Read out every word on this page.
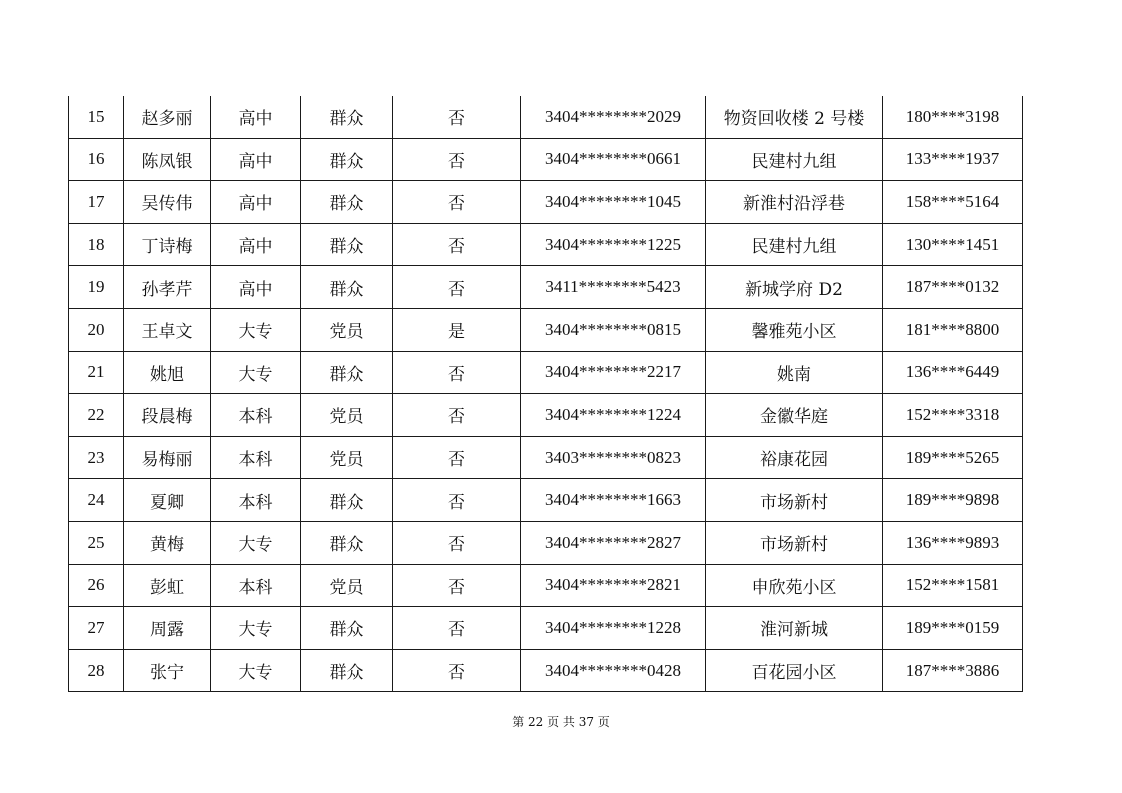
15	赵多丽	高中	群众	否	3404********2029	物资回收楼 2 号楼	180****3198
16	陈凤银	高中	群众	否	3404********0661	民建村九组	133****1937
17	吴传伟	高中	群众	否	3404********1045	新淮村沿浮巷	158****5164
18	丁诗梅	高中	群众	否	3404********1225	民建村九组	130****1451
19	孙孝芹	高中	群众	否	3411********5423	新城学府 D2	187****0132
20	王卓文	大专	党员	是	3404********0815	馨雅苑小区	181****8800
21	姚旭	大专	群众	否	3404********2217	姚南	136****6449
22	段晨梅	本科	党员	否	3404********1224	金徽华庭	152****3318
23	易梅丽	本科	党员	否	3403********0823	裕康花园	189****5265
24	夏卿	本科	群众	否	3404********1663	市场新村	189****9898
25	黄梅	大专	群众	否	3404********2827	市场新村	136****9893
26	彭虹	本科	党员	否	3404********2821	申欣苑小区	152****1581
27	周露	大专	群众	否	3404********1228	淮河新城	189****0159
28	张宁	大专	群众	否	3404********0428	百花园小区	187****3886
第 22 页 共 37 页
